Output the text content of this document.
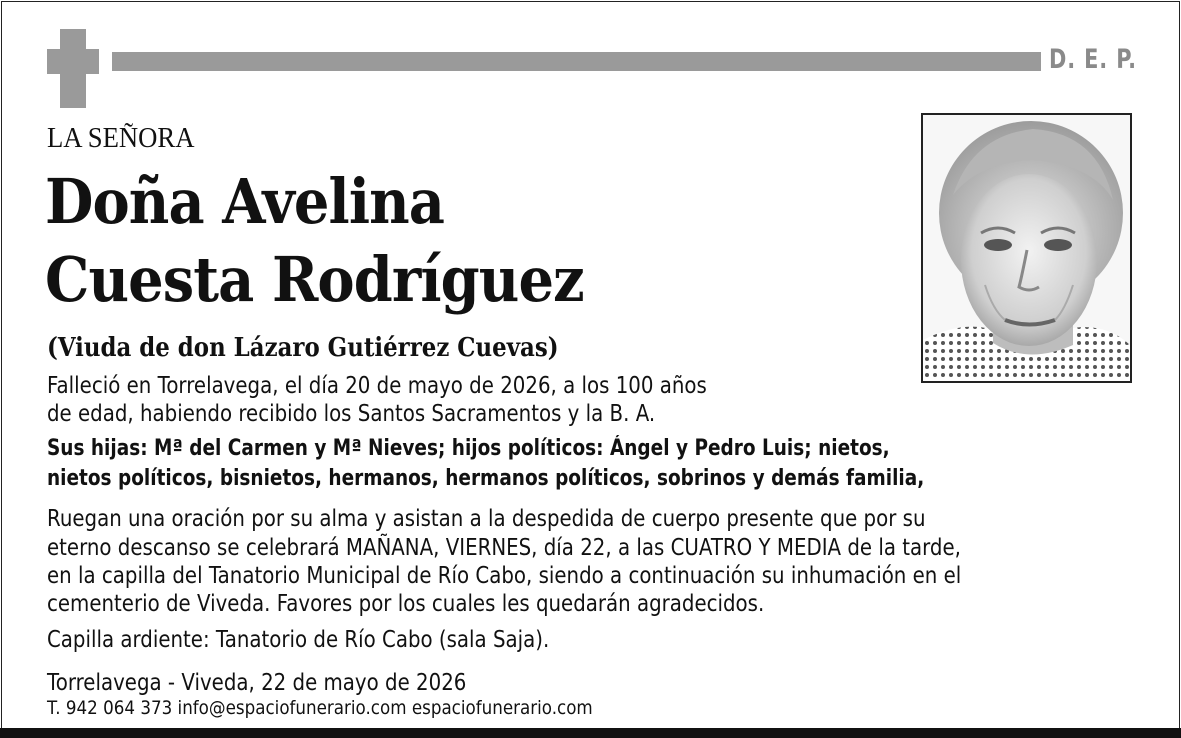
D. E. P.
LA SEÑORA
Doña Avelina
Cuesta Rodríguez
(Viuda de don Lázaro Gutiérrez Cuevas)
Falleció en Torrelavega, el día 20 de mayo de 2026, a los 100 años
de edad, habiendo recibido los Santos Sacramentos y la B. A.
Sus hijas: Mª del Carmen y Mª Nieves; hijos políticos: Ángel y Pedro Luis; nietos,
nietos políticos, bisnietos, hermanos, hermanos políticos, sobrinos y demás familia,
Ruegan una oración por su alma y asistan a la despedida de cuerpo presente que por su
eterno descanso se celebrará MAÑANA, VIERNES, día 22, a las CUATRO Y MEDIA de la tarde,
en la capilla del Tanatorio Municipal de Río Cabo, siendo a continuación su inhumación en el
cementerio de Viveda. Favores por los cuales les quedarán agradecidos.
Capilla ardiente: Tanatorio de Río Cabo (sala Saja).
Torrelavega - Viveda, 22 de mayo de 2026
T. 942 064 373 info@espaciofunerario.com espaciofunerario.com
